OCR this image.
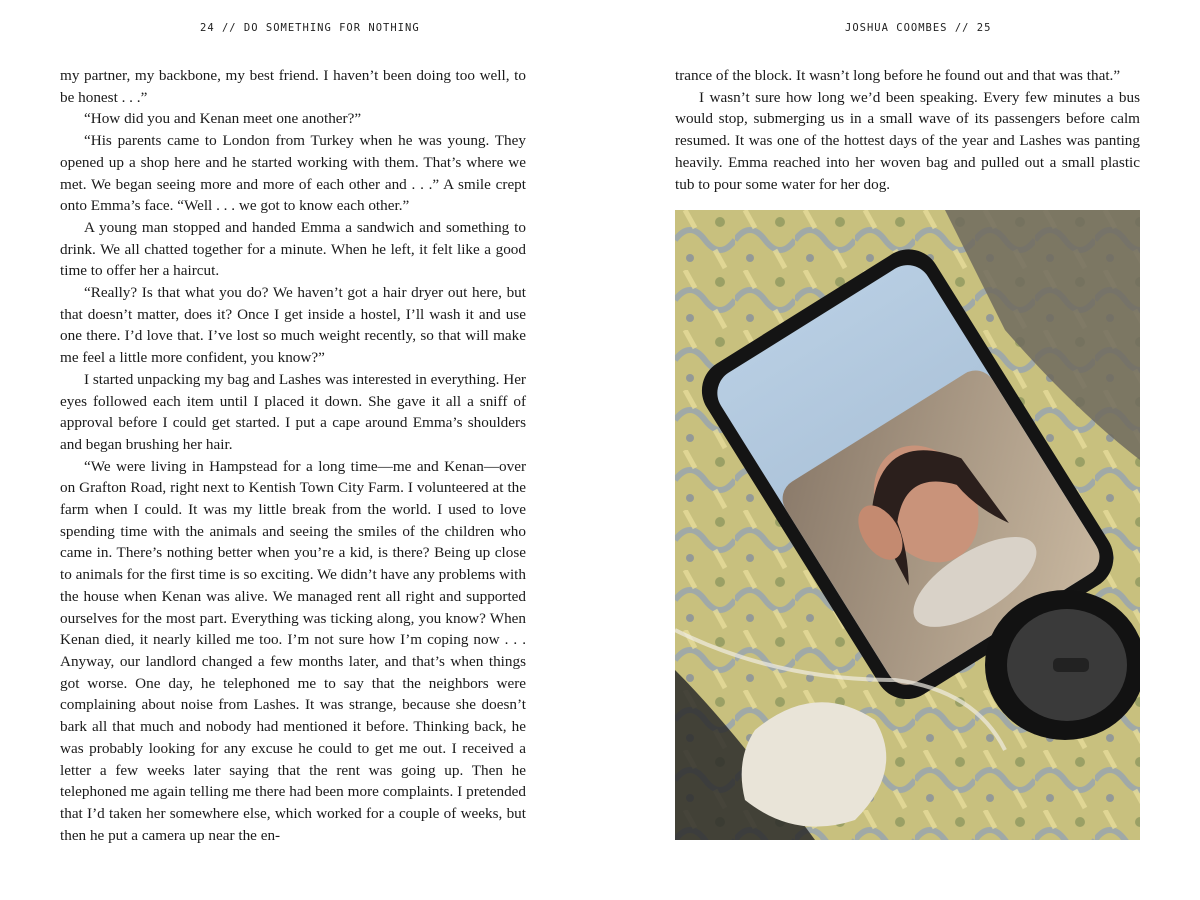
24 // DO SOMETHING FOR NOTHING

my partner, my backbone, my best friend. I haven’t been doing too well, to be honest . . .”

“How did you and Kenan meet one another?”

“His parents came to London from Turkey when he was young. They opened up a shop here and he started working with them. That’s where we met. We began seeing more and more of each other and . . .” A smile crept onto Emma’s face. “Well . . . we got to know each other.”

A young man stopped and handed Emma a sandwich and something to drink. We all chatted together for a minute. When he left, it felt like a good time to offer her a haircut.

“Really? Is that what you do? We haven’t got a hair dryer out here, but that doesn’t matter, does it? Once I get inside a hostel, I’ll wash it and use one there. I’d love that. I’ve lost so much weight recently, so that will make me feel a little more confident, you know?”

I started unpacking my bag and Lashes was interested in everything. Her eyes followed each item until I placed it down. She gave it all a sniff of approval before I could get started. I put a cape around Emma’s shoulders and began brushing her hair.

“We were living in Hampstead for a long time—me and Kenan—over on Grafton Road, right next to Kentish Town City Farm. I volunteered at the farm when I could. It was my little break from the world. I used to love spending time with the animals and seeing the smiles of the children who came in. There’s nothing better when you’re a kid, is there? Being up close to animals for the first time is so exciting. We didn’t have any problems with the house when Kenan was alive. We managed rent all right and supported ourselves for the most part. Everything was ticking along, you know? When Kenan died, it nearly killed me too. I’m not sure how I’m coping now . . . Anyway, our landlord changed a few months later, and that’s when things got worse. One day, he telephoned me to say that the neighbors were complaining about noise from Lashes. It was strange, because she doesn’t bark all that much and nobody had mentioned it before. Thinking back, he was probably looking for any excuse he could to get me out. I received a letter a few weeks later saying that the rent was going up. Then he telephoned me again telling me there had been more complaints. I pretended that I’d taken her somewhere else, which worked for a couple of weeks, but then he put a camera up near the en-

JOSHUA COOMBES // 25

trance of the block. It wasn’t long before he found out and that was that.”

I wasn’t sure how long we’d been speaking. Every few minutes a bus would stop, submerging us in a small wave of its passengers before calm resumed. It was one of the hottest days of the year and Lashes was panting heavily. Emma reached into her woven bag and pulled out a small plastic tub to pour some water for her dog.
